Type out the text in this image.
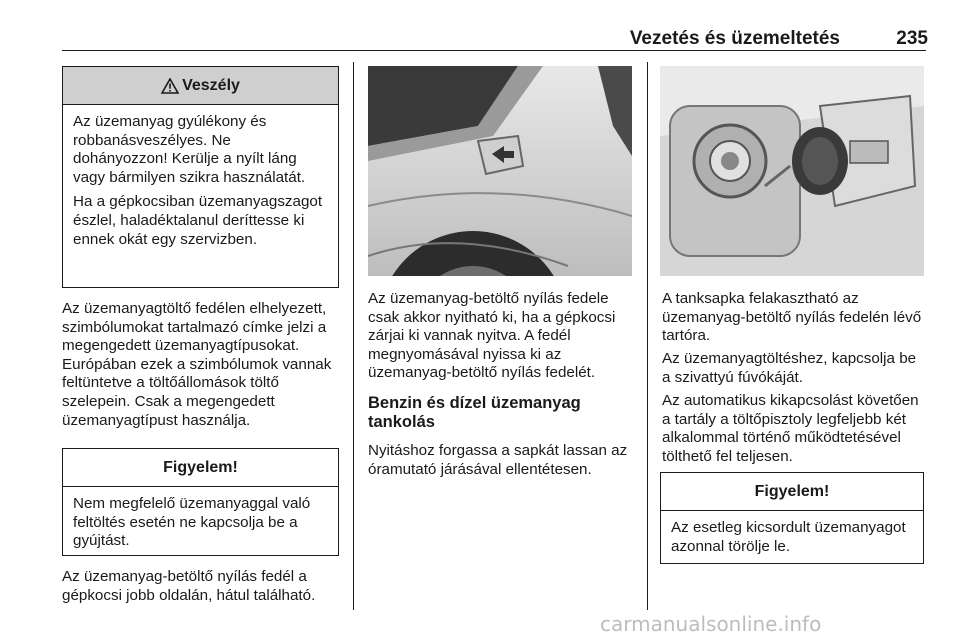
Vezetés és üzemeltetés	235
Veszély

Az üzemanyag gyúlékony és robbanásveszélyes. Ne dohányozzon! Kerülje a nyílt láng vagy bármilyen szikra használatát.

Ha a gépkocsiban üzemanyagszagot észlel, haladéktalanul deríttesse ki ennek okát egy szervizben.

Az üzemanyagtöltő fedélen elhelyezett, szimbólumokat tartalmazó címke jelzi a megengedett üzemanyagtípusokat. Európában ezek a szimbólumok vannak feltüntetve a töltőállomások töltő szelepein. Csak a megengedett üzemanyagtípust használja.

Figyelem!

Nem megfelelő üzemanyaggal való feltöltés esetén ne kapcsolja be a gyújtást.

Az üzemanyag-betöltő nyílás fedél a gépkocsi jobb oldalán, hátul található.

Az üzemanyag-betöltő nyílás fedele csak akkor nyitható ki, ha a gépkocsi zárjai ki vannak nyitva. A fedél megnyomásával nyissa ki az üzemanyag-betöltő nyílás fedelét.

Benzin és dízel üzemanyag tankolás

Nyitáshoz forgassa a sapkát lassan az óramutató járásával ellentétesen.

A tanksapka felakasztható az üzemanyag-betöltő nyílás fedelén lévő tartóra.

Az üzemanyagtöltéshez, kapcsolja be a szivattyú fúvókáját.

Az automatikus kikapcsolást követően a tartály a töltőpisztoly legfeljebb két alkalommal történő működtetésével tölthető fel teljesen.

Figyelem!

Az esetleg kicsordult üzemanyagot azonnal törölje le.

carmanualsonline.info
